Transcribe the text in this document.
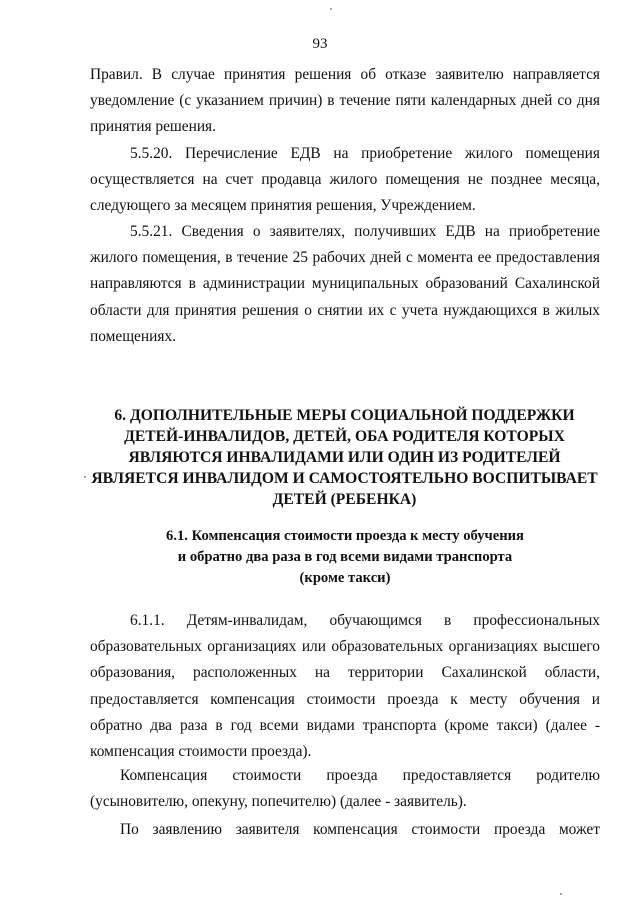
93
Правил. В случае принятия решения об отказе заявителю направляется уведомление (с указанием причин) в течение пяти календарных дней со дня принятия решения.
5.5.20. Перечисление ЕДВ на приобретение жилого помещения осуществляется на счет продавца жилого помещения не позднее месяца, следующего за месяцем принятия решения, Учреждением.
5.5.21. Сведения о заявителях, получивших ЕДВ на приобретение жилого помещения, в течение 25 рабочих дней с момента ее предоставления направляются в администрации муниципальных образований Сахалинской области для принятия решения о снятии их с учета нуждающихся в жилых помещениях.
6. ДОПОЛНИТЕЛЬНЫЕ МЕРЫ СОЦИАЛЬНОЙ ПОДДЕРЖКИ
ДЕТЕЙ-ИНВАЛИДОВ, ДЕТЕЙ, ОБА РОДИТЕЛЯ КОТОРЫХ
ЯВЛЯЮТСЯ ИНВАЛИДАМИ ИЛИ ОДИН ИЗ РОДИТЕЛЕЙ
ЯВЛЯЕТСЯ ИНВАЛИДОМ И САМОСТОЯТЕЛЬНО ВОСПИТЫВАЕТ
ДЕТЕЙ (РЕБЕНКА)
6.1. Компенсация стоимости проезда к месту обучения
и обратно два раза в год всеми видами транспорта
(кроме такси)
6.1.1. Детям-инвалидам, обучающимся в профессиональных образовательных организациях или образовательных организациях высшего образования, расположенных на территории Сахалинской области, предоставляется компенсация стоимости проезда к месту обучения и обратно два раза в год всеми видами транспорта (кроме такси) (далее - компенсация стоимости проезда).
Компенсация стоимости проезда предоставляется родителю (усыновителю, опекуну, попечителю) (далее - заявитель).
По заявлению заявителя компенсация стоимости проезда может
